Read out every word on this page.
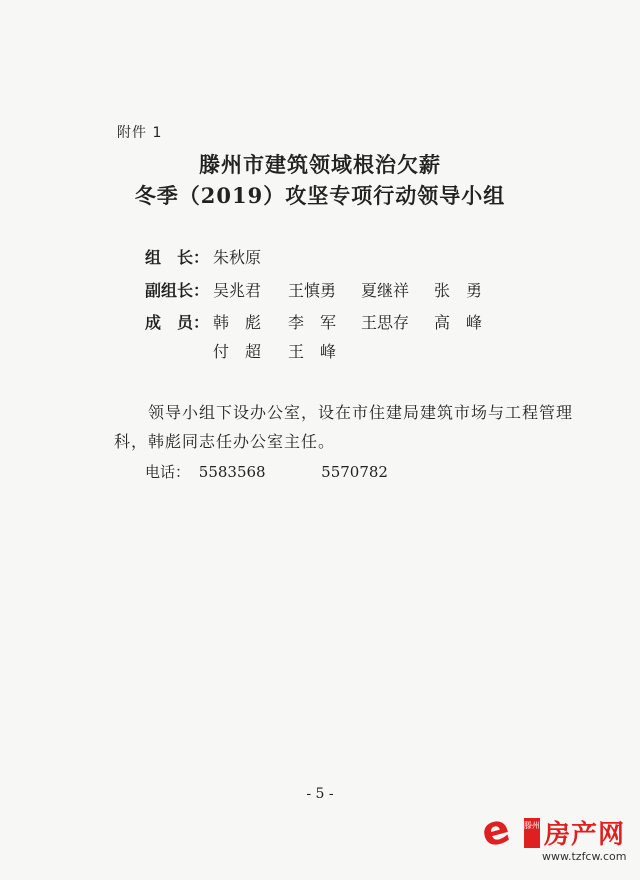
附件 1
滕州市建筑领域根治欠薪
冬季（2019）攻坚专项行动领导小组
组　长： 朱秋原
副组长： 吴兆君 王慎勇 夏继祥 张　勇
成　员： 韩　彪 李　军 王思存 高　峰
付　超 王　峰
领导小组下设办公室，设在市住建局建筑市场与工程管理
科，韩彪同志任办公室主任。
电话： 5583568	5570782
- 5 -
e 滕州 房产网
www.tzfcw.com
